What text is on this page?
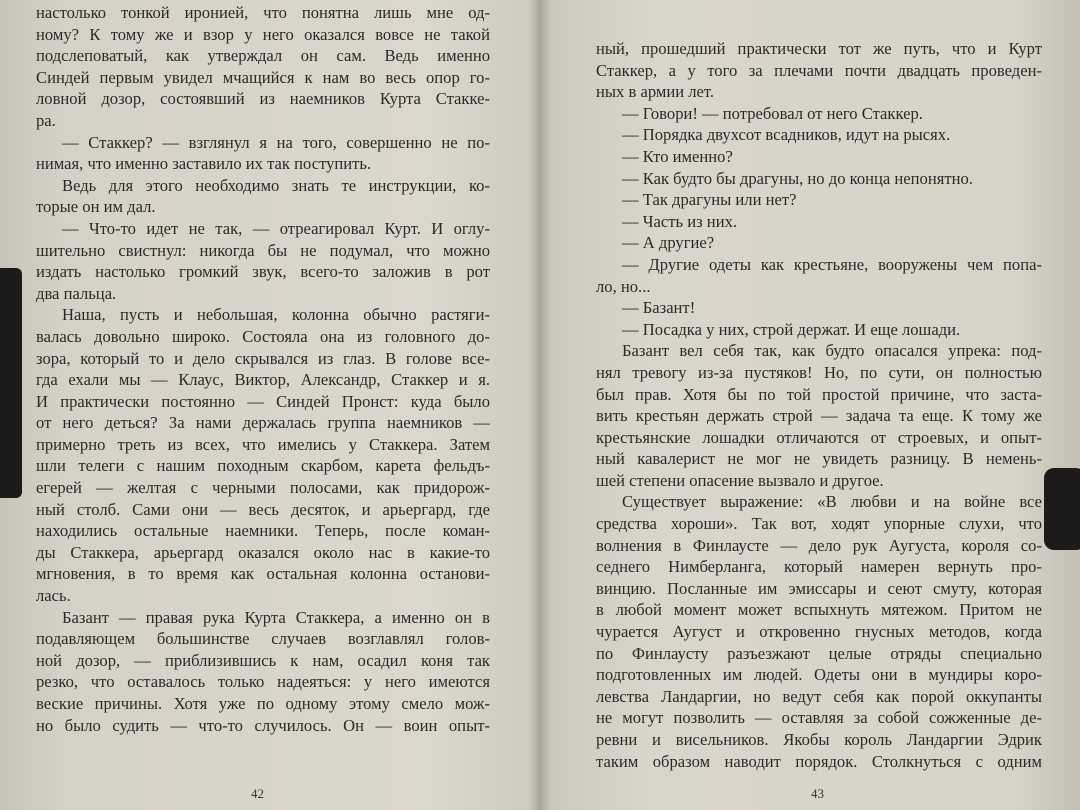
настолько тонкой иронией, что понятна лишь мне од-
ному? К тому же и взор у него оказался вовсе не такой
подслеповатый, как утверждал он сам. Ведь именно
Синдей первым увидел мчащийся к нам во весь опор го-
ловной дозор, состоявший из наемников Курта Стакке-
ра.
— Стаккер? — взглянул я на того, совершенно не по-
нимая, что именно заставило их так поступить.
Ведь для этого необходимо знать те инструкции, ко-
торые он им дал.
— Что-то идет не так, — отреагировал Курт. И оглу-
шительно свистнул: никогда бы не подумал, что можно
издать настолько громкий звук, всего-то заложив в рот
два пальца.
Наша, пусть и небольшая, колонна обычно растяги-
валась довольно широко. Состояла она из головного до-
зора, который то и дело скрывался из глаз. В голове все-
гда ехали мы — Клаус, Виктор, Александр, Стаккер и я.
И практически постоянно — Синдей Пронст: куда было
от него деться? За нами держалась группа наемников —
примерно треть из всех, что имелись у Стаккера. Затем
шли телеги с нашим походным скарбом, карета фельдъ-
егерей — желтая с черными полосами, как придорож-
ный столб. Сами они — весь десяток, и арьергард, где
находились остальные наемники. Теперь, после коман-
ды Стаккера, арьергард оказался около нас в какие-то
мгновения, в то время как остальная колонна останови-
лась.
Базант — правая рука Курта Стаккера, а именно он в
подавляющем большинстве случаев возглавлял голов-
ной дозор, — приблизившись к нам, осадил коня так
резко, что оставалось только надеяться: у него имеются
веские причины. Хотя уже по одному этому смело мож-
но было судить — что-то случилось. Он — воин опыт-
ный, прошедший практически тот же путь, что и Курт
Стаккер, а у того за плечами почти двадцать проведен-
ных в армии лет.
— Говори! — потребовал от него Стаккер.
— Порядка двухсот всадников, идут на рысях.
— Кто именно?
— Как будто бы драгуны, но до конца непонятно.
— Так драгуны или нет?
— Часть из них.
— А другие?
— Другие одеты как крестьяне, вооружены чем попа-
ло, но...
— Базант!
— Посадка у них, строй держат. И еще лошади.
Базант вел себя так, как будто опасался упрека: под-
нял тревогу из-за пустяков! Но, по сути, он полностью
был прав. Хотя бы по той простой причине, что заста-
вить крестьян держать строй — задача та еще. К тому же
крестьянские лошадки отличаются от строевых, и опыт-
ный кавалерист не мог не увидеть разницу. В немень-
шей степени опасение вызвало и другое.
Существует выражение: «В любви и на войне все
средства хороши». Так вот, ходят упорные слухи, что
волнения в Финлаусте — дело рук Аугуста, короля со-
седнего Нимберланга, который намерен вернуть про-
винцию. Посланные им эмиссары и сеют смуту, которая
в любой момент может вспыхнуть мятежом. Притом не
чурается Аугуст и откровенно гнусных методов, когда
по Финлаусту разъезжают целые отряды специально
подготовленных им людей. Одеты они в мундиры коро-
левства Ландаргии, но ведут себя как порой оккупанты
не могут позволить — оставляя за собой сожженные де-
ревни и висельников. Якобы король Ландаргии Эдрик
таким образом наводит порядок. Столкнуться с одним
42	43
